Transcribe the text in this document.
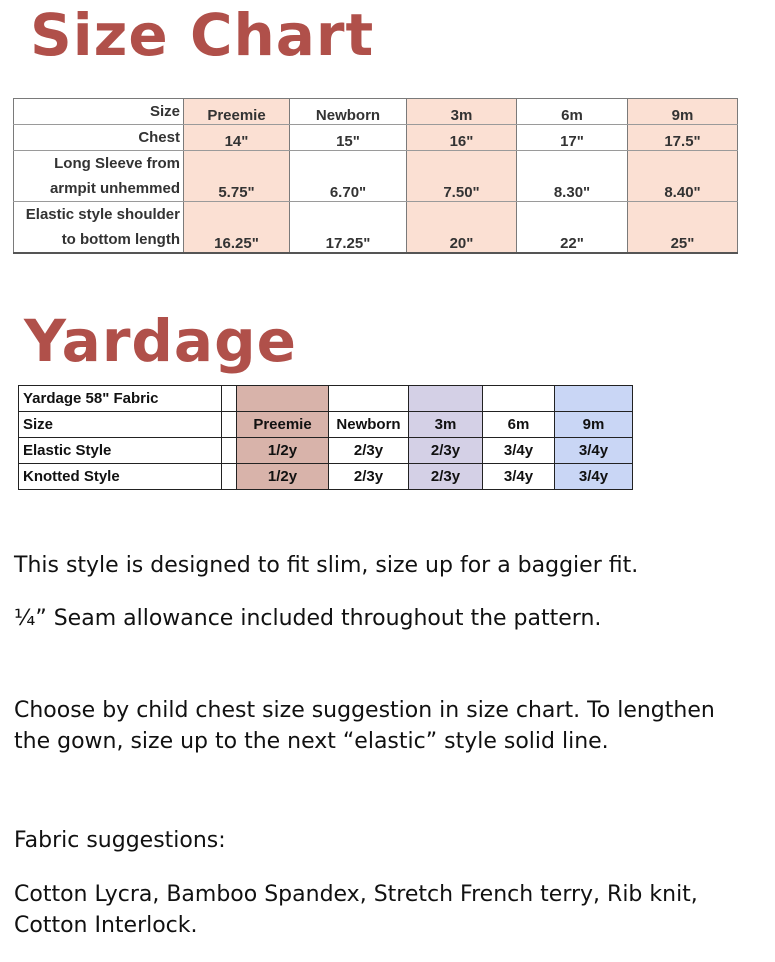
Size Chart
Size	Preemie	Newborn	3m	6m	9m
Chest	14"	15"	16"	17"	17.5"

Long Sleeve from
armpit unhemmed	5.75"	6.70"	7.50"	8.30"	8.40"

Elastic style shoulder
to bottom length	16.25"	17.25"	20"	22"	25"
Yardage
Yardage 58" Fabric						
Size		Preemie	Newborn	3m	6m	9m
Elastic Style		1/2y	2/3y	2/3y	3/4y	3/4y
Knotted Style		1/2y	2/3y	2/3y	3/4y	3/4y

This style is designed to fit slim, size up for a baggier fit.

¼” Seam allowance included throughout the pattern.

Choose by child chest size suggestion in size chart. To lengthen
the gown, size up to the next “elastic” style solid line.

Fabric suggestions:

Cotton Lycra, Bamboo Spandex, Stretch French terry, Rib knit,
Cotton Interlock.
